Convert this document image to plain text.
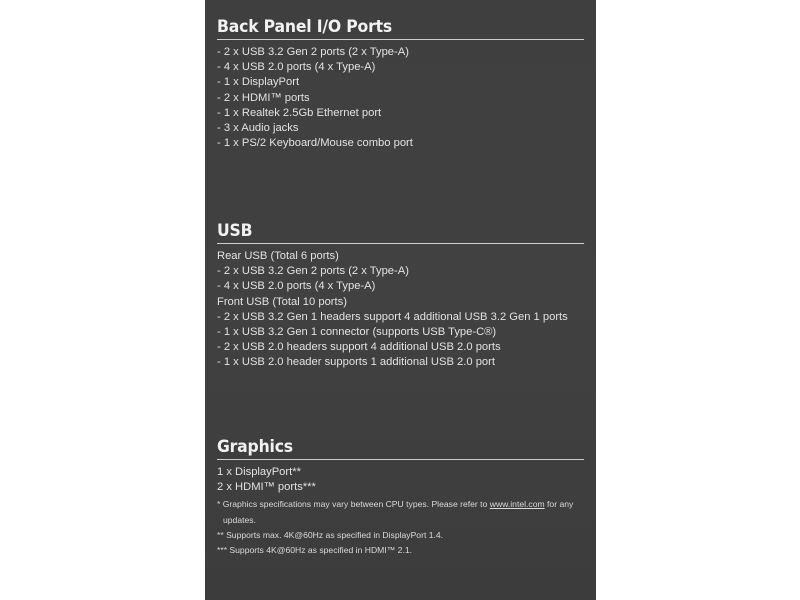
Back Panel I/O Ports
- 2 x USB 3.2 Gen 2 ports (2 x Type-A)
- 4 x USB 2.0 ports (4 x Type-A)
- 1 x DisplayPort
- 2 x HDMI™ ports
- 1 x Realtek 2.5Gb Ethernet port
- 3 x Audio jacks
- 1 x PS/2 Keyboard/Mouse combo port
USB
Rear USB (Total 6 ports)
- 2 x USB 3.2 Gen 2 ports (2 x Type-A)
- 4 x USB 2.0 ports (4 x Type-A)
Front USB (Total 10 ports)
- 2 x USB 3.2 Gen 1 headers support 4 additional USB 3.2 Gen 1 ports
- 1 x USB 3.2 Gen 1 connector (supports USB Type-C®)
- 2 x USB 2.0 headers support 4 additional USB 2.0 ports
- 1 x USB 2.0 header supports 1 additional USB 2.0 port
Graphics
1 x DisplayPort**
2 x HDMI™ ports***
* Graphics specifications may vary between CPU types. Please refer to www.intel.com for any
updates.
** Supports max. 4K@60Hz as specified in DisplayPort 1.4.
*** Supports 4K@60Hz as specified in HDMI™ 2.1.
